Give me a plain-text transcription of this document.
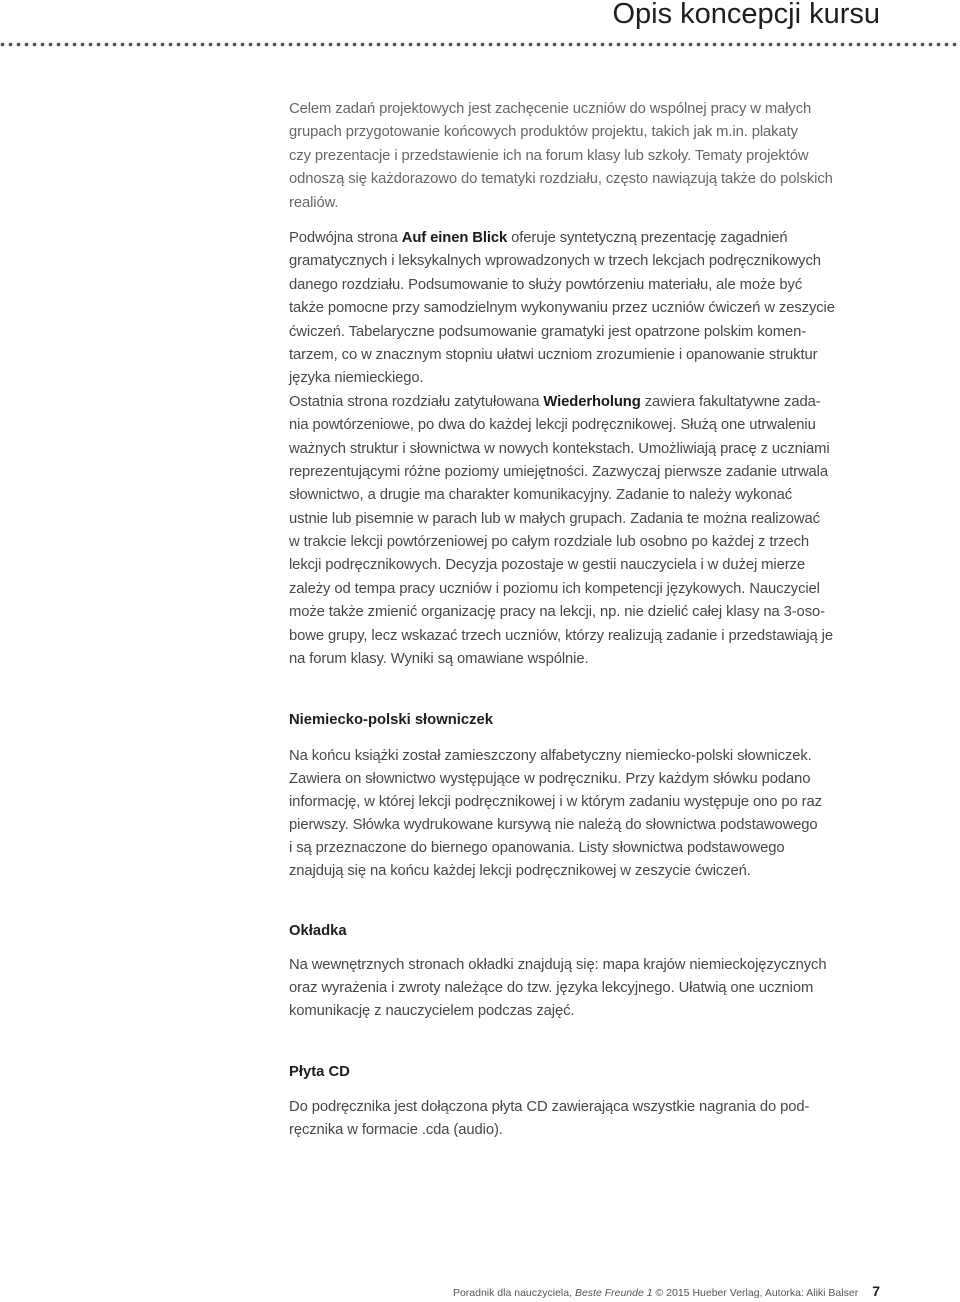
Opis koncepcji kursu
Celem zadań projektowych jest zachęcenie uczniów do wspólnej pracy w małych
grupach przygotowanie końcowych produktów projektu, takich jak m.in. plakaty
czy prezentacje i przedstawienie ich na forum klasy lub szkoły. Tematy projektów
odnoszą się każdorazowo do tematyki rozdziału, często nawiązują także do polskich
realiów.
Podwójna strona Auf einen Blick oferuje syntetyczną prezentację zagadnień
gramatycznych i leksykalnych wprowadzonych w trzech lekcjach podręcznikowych
danego rozdziału. Podsumowanie to służy powtórzeniu materiału, ale może być
także pomocne przy samodzielnym wykonywaniu przez uczniów ćwiczeń w zeszycie
ćwiczeń. Tabelaryczne podsumowanie gramatyki jest opatrzone polskim komen-
tarzem, co w znacznym stopniu ułatwi uczniom zrozumienie i opanowanie struktur
języka niemieckiego.
Ostatnia strona rozdziału zatytułowana Wiederholung zawiera fakultatywne zada-
nia powtórzeniowe, po dwa do każdej lekcji podręcznikowej. Służą one utrwaleniu
ważnych struktur i słownictwa w nowych kontekstach. Umożliwiają pracę z uczniami
reprezentującymi różne poziomy umiejętności. Zazwyczaj pierwsze zadanie utrwala
słownictwo, a drugie ma charakter komunikacyjny. Zadanie to należy wykonać
ustnie lub pisemnie w parach lub w małych grupach. Zadania te można realizować
w trakcie lekcji powtórzeniowej po całym rozdziale lub osobno po każdej z trzech
lekcji podręcznikowych. Decyzja pozostaje w gestii nauczyciela i w dużej mierze
zależy od tempa pracy uczniów i poziomu ich kompetencji językowych. Nauczyciel
może także zmienić organizację pracy na lekcji, np. nie dzielić całej klasy na 3-oso-
bowe grupy, lecz wskazać trzech uczniów, którzy realizują zadanie i przedstawiają je
na forum klasy. Wyniki są omawiane wspólnie.
Niemiecko-polski słowniczek
Na końcu książki został zamieszczony alfabetyczny niemiecko-polski słowniczek.
Zawiera on słownictwo występujące w podręczniku. Przy każdym słówku podano
informację, w której lekcji podręcznikowej i w którym zadaniu występuje ono po raz
pierwszy. Słówka wydrukowane kursywą nie należą do słownictwa podstawowego
i są przeznaczone do biernego opanowania. Listy słownictwa podstawowego
znajdują się na końcu każdej lekcji podręcznikowej w zeszycie ćwiczeń.
Okładka
Na wewnętrznych stronach okładki znajdują się: mapa krajów niemieckojęzycznych
oraz wyrażenia i zwroty należące do tzw. języka lekcyjnego. Ułatwią one uczniom
komunikację z nauczycielem podczas zajęć.
Płyta CD
Do podręcznika jest dołączona płyta CD zawierająca wszystkie nagrania do pod-
ręcznika w formacie .cda (audio).
Poradnik dla nauczyciela, Beste Freunde 1 © 2015 Hueber Verlag, Autorka: Aliki Balser 7
